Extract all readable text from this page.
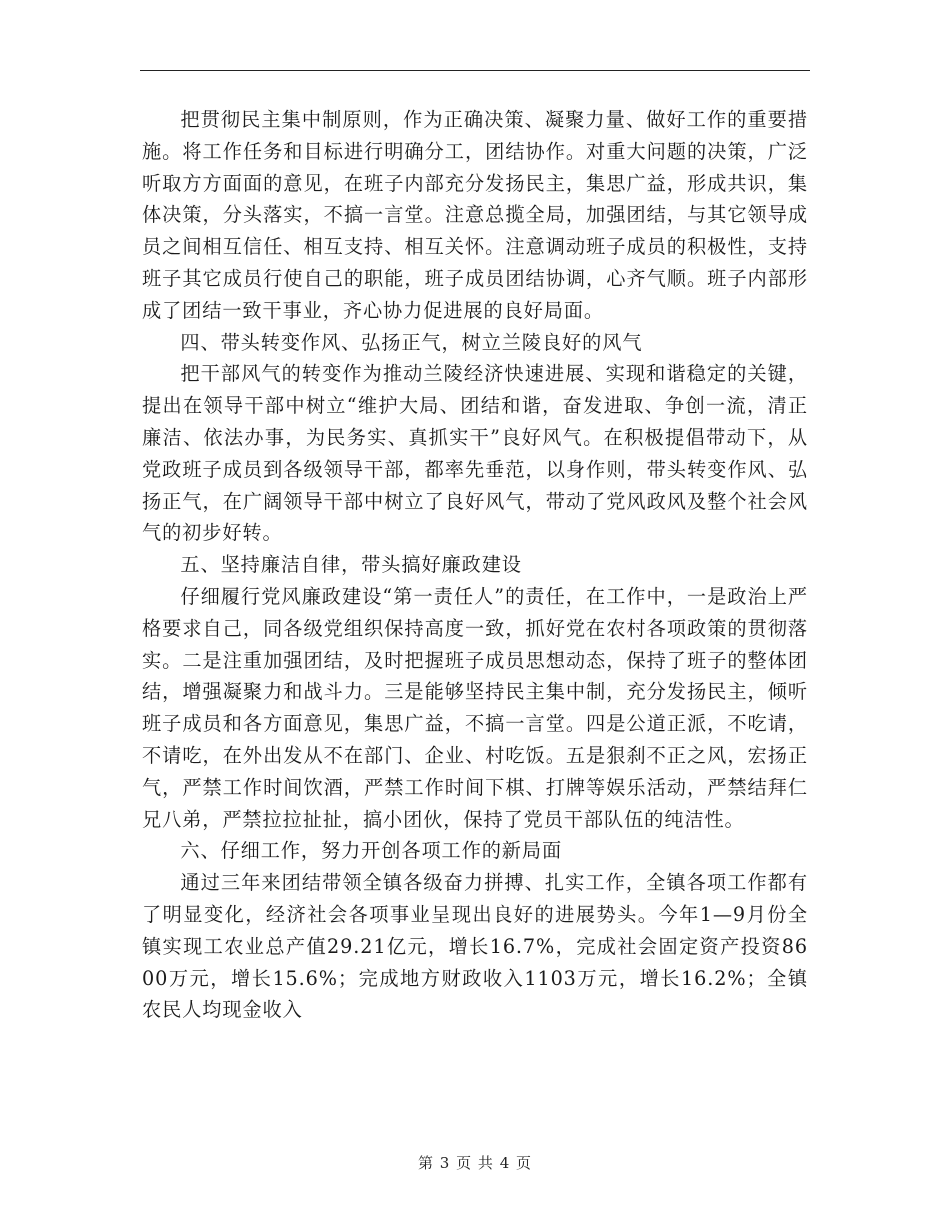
把贯彻民主集中制原则，作为正确决策、凝聚力量、做好工作的重要措施。将工作任务和目标进行明确分工，团结协作。对重大问题的决策，广泛听取方方面面的意见，在班子内部充分发扬民主，集思广益，形成共识，集体决策，分头落实，不搞一言堂。注意总揽全局，加强团结，与其它领导成员之间相互信任、相互支持、相互关怀。注意调动班子成员的积极性，支持班子其它成员行使自己的职能，班子成员团结协调，心齐气顺。班子内部形成了团结一致干事业，齐心协力促进展的良好局面。

四、带头转变作风、弘扬正气，树立兰陵良好的风气

把干部风气的转变作为推动兰陵经济快速进展、实现和谐稳定的关键，提出在领导干部中树立“维护大局、团结和谐，奋发进取、争创一流，清正廉洁、依法办事，为民务实、真抓实干”良好风气。在积极提倡带动下，从党政班子成员到各级领导干部，都率先垂范，以身作则，带头转变作风、弘扬正气，在广阔领导干部中树立了良好风气，带动了党风政风及整个社会风气的初步好转。

五、坚持廉洁自律，带头搞好廉政建设

仔细履行党风廉政建设“第一责任人”的责任，在工作中，一是政治上严格要求自己，同各级党组织保持高度一致，抓好党在农村各项政策的贯彻落实。二是注重加强团结，及时把握班子成员思想动态，保持了班子的整体团结，增强凝聚力和战斗力。三是能够坚持民主集中制，充分发扬民主，倾听班子成员和各方面意见，集思广益，不搞一言堂。四是公道正派，不吃请，不请吃，在外出发从不在部门、企业、村吃饭。五是狠刹不正之风，宏扬正气，严禁工作时间饮酒，严禁工作时间下棋、打牌等娱乐活动，严禁结拜仁兄八弟，严禁拉拉扯扯，搞小团伙，保持了党员干部队伍的纯洁性。

六、仔细工作，努力开创各项工作的新局面

通过三年来团结带领全镇各级奋力拼搏、扎实工作，全镇各项工作都有了明显变化，经济社会各项事业呈现出良好的进展势头。今年1—9月份全镇实现工农业总产值29.21亿元，增长16.7%，完成社会固定资产投资8600万元，增长15.6%；完成地方财政收入1103万元，增长16.2%；全镇农民人均现金收入

第 3 页 共 4 页
